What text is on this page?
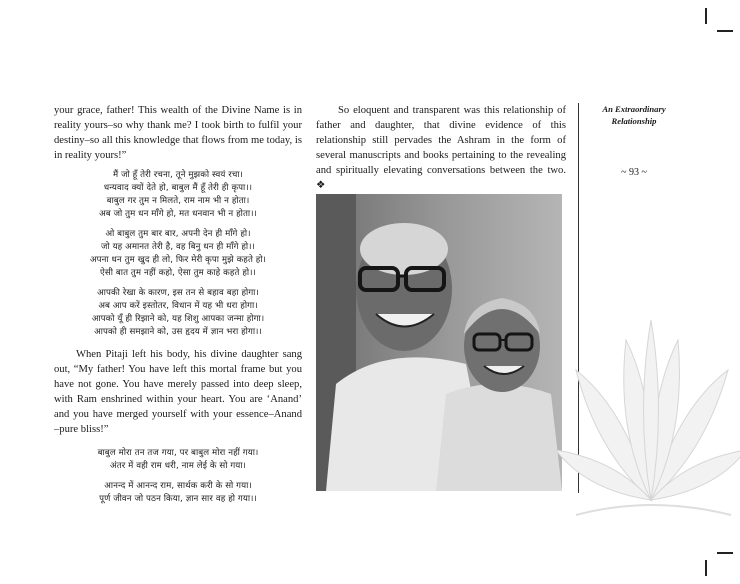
your grace, father! This wealth of the Divine Name is in reality yours–so why thank me? I took birth to fulfil your destiny–so all this knowledge that flows from me today, is in reality yours!”

मैं जो हूँ तेरी रचना, तूने मुझको स्वयं रचा।
धन्यवाद क्यों देते हो, बाबुल मैं हूँ तेरी ही कृपा।।
बाबुल गर तुम न मिलते, राम नाम भी न होता।
अब जो तुम धन माँगे हो, मत धनवान भी न होता।।
ओ बाबुल तुम बार बार, अपनी देन ही माँगे हो।
जो यह अमानत तेरी है, वह बिनु धन ही माँगे हो।।
अपना धन तुम खुद ही लो, फिर मेरी कृपा मुझे कहते हो।
ऐसी बात तुम नहीं कहो, ऐसा तुम काहे कहते हो।।
आपकी रेखा के कारण, इस तन से बहाव बहा होगा।
अब आप करें इस्तोतर, विधान में यह भी धरा होगा।
आपको यूँ ही रिझाने को, यह शिशु आपका जन्मा होगा।
आपको ही समझाने को, उस हृदय में ज्ञान भरा होगा।।

When Pitaji left his body, his divine daughter sang out, “My father! You have left this mortal frame but you have not gone. You have merely passed into deep sleep, with Ram enshrined within your heart. You are ‘Anand’ and you have merged yourself with your essence–Anand –pure bliss!”

बाबुल मोरा तन तज गया, पर बाबुल मोरा नहीं गया।
अंतर में वही राम धरी, नाम लेई के सो गया।
आनन्द में आनन्द राम, सार्थक करी के सो गया।
पूर्ण जीवन जो पठन किया, ज्ञान सार वह हो गया।।

So eloquent and transparent was this relationship of father and daughter, that divine evidence of this relationship still pervades the Ashram in the form of several manuscripts and books pertaining to the revealing and spiritually elevating conversations between the two. ❖

An Extraordinary

Relationship

~ 93 ~
